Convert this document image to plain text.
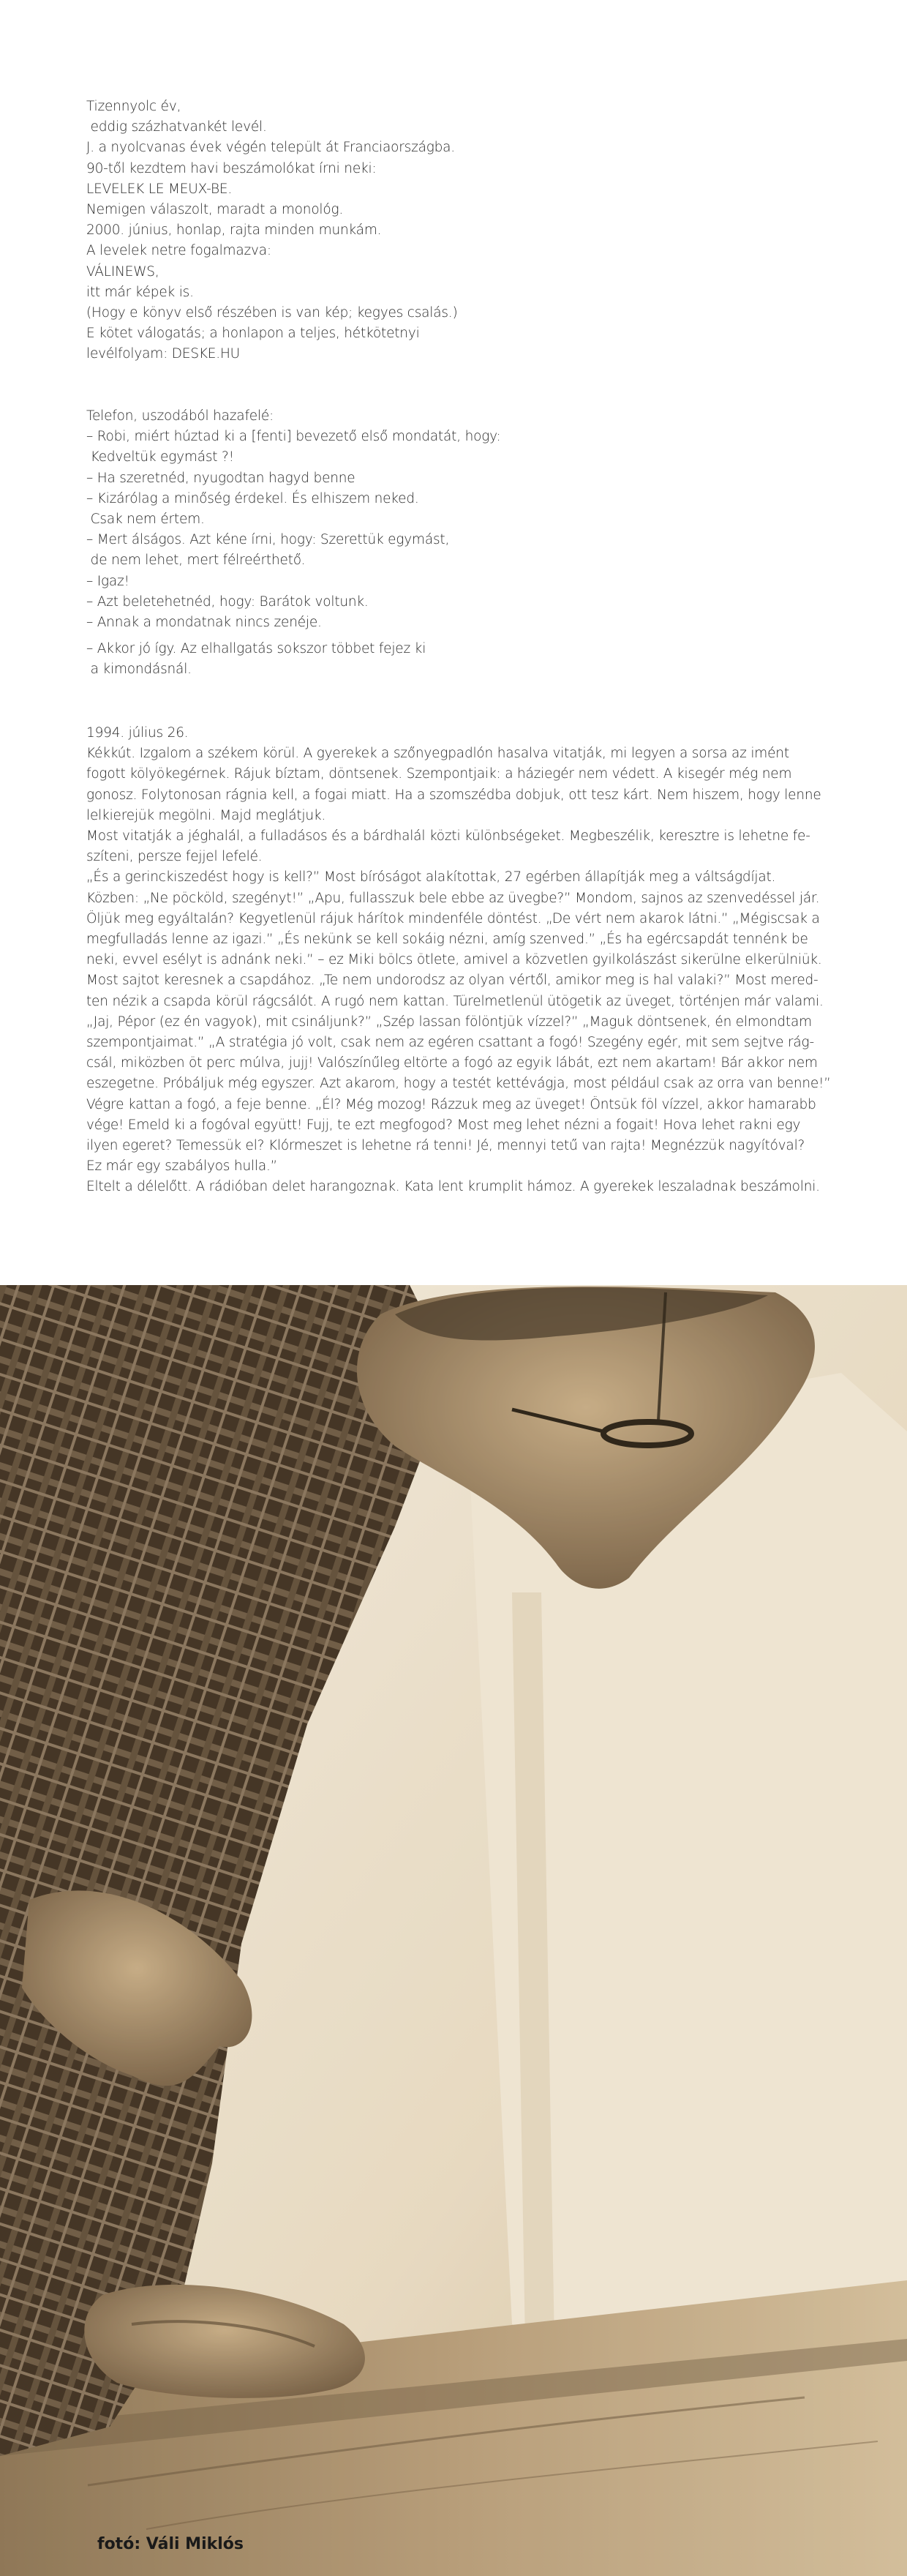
Tizennyolc év,
eddig százhatvankét levél.
J. a nyolcvanas évek végén települt át Franciaországba.
90-től kezdtem havi beszámolókat írni neki:
LEVELEK LE MEUX-BE.
Nemigen válaszolt, maradt a monológ.
2000. június, honlap, rajta minden munkám.
A levelek netre fogalmazva:
VÁLINEWS,
itt már képek is.
(Hogy e könyv első részében is van kép; kegyes csalás.)
E kötet válogatás; a honlapon a teljes, hétkötetnyi
levélfolyam: DESKE.HU
Telefon, uszodából hazafelé:
– Robi, miért húztad ki a [fenti] bevezető első mondatát, hogy:
Kedveltük egymást ?!
– Ha szeretnéd, nyugodtan hagyd benne
– Kizárólag a minőség érdekel. És elhiszem neked.
Csak nem értem.
– Mert álságos. Azt kéne írni, hogy: Szerettük egymást,
de nem lehet, mert félreérthető.
– Igaz!
– Azt beletehetnéd, hogy: Barátok voltunk.
– Annak a mondatnak nincs zenéje.
– Akkor jó így. Az elhallgatás sokszor többet fejez ki
a kimondásnál.
1994. július 26.
Kékkút. Izgalom a székem körül. A gyerekek a szőnyegpadlón hasalva vitatják, mi legyen a sorsa az imént
fogott kölyökegérnek. Rájuk bíztam, döntsenek. Szempontjaik: a háziegér nem védett. A kisegér még nem
gonosz. Folytonosan rágnia kell, a fogai miatt. Ha a szomszédba dobjuk, ott tesz kárt. Nem hiszem, hogy lenne
lelkierejük megölni. Majd meglátjuk.
Most vitatják a jéghalál, a fulladásos és a bárdhalál közti különbségeket. Megbeszélik, keresztre is lehetne fe-
szíteni, persze fejjel lefelé.
„És a gerinckiszedést hogy is kell?” Most bíróságot alakítottak, 27 egérben állapítják meg a váltságdíjat.
Közben: „Ne pöcköld, szegényt!” „Apu, fullasszuk bele ebbe az üvegbe?” Mondom, sajnos az szenvedéssel jár.
Öljük meg egyáltalán? Kegyetlenül rájuk hárítok mindenféle döntést. „De vért nem akarok látni.” „Mégiscsak a
megfulladás lenne az igazi.” „És nekünk se kell sokáig nézni, amíg szenved.” „És ha egércsapdát tennénk be
neki, evvel esélyt is adnánk neki.” – ez Miki bölcs ötlete, amivel a közvetlen gyilkolászást sikerülne elkerülniük.
Most sajtot keresnek a csapdához. „Te nem undorodsz az olyan vértől, amikor meg is hal valaki?” Most mered-
ten nézik a csapda körül rágcsálót. A rugó nem kattan. Türelmetlenül ütögetik az üveget, történjen már valami.
„Jaj, Pépor (ez én vagyok), mit csináljunk?” „Szép lassan fölöntjük vízzel?” „Maguk döntsenek, én elmondtam
szempontjaimat.” „A stratégia jó volt, csak nem az egéren csattant a fogó! Szegény egér, mit sem sejtve rág-
csál, miközben öt perc múlva, jujj! Valószínűleg eltörte a fogó az egyik lábát, ezt nem akartam! Bár akkor nem
eszegetne. Próbáljuk még egyszer. Azt akarom, hogy a testét kettévágja, most például csak az orra van benne!”
Végre kattan a fogó, a feje benne. „Él? Még mozog! Rázzuk meg az üveget! Öntsük föl vízzel, akkor hamarabb
vége! Emeld ki a fogóval együtt! Fujj, te ezt megfogod? Most meg lehet nézni a fogait! Hova lehet rakni egy
ilyen egeret? Temessük el? Klórmeszet is lehetne rá tenni! Jé, mennyi tetű van rajta! Megnézzük nagyítóval?
Ez már egy szabályos hulla.”
Eltelt a délelőtt. A rádióban delet harangoznak. Kata lent krumplit hámoz. A gyerekek leszaladnak beszámolni.
fotó: Váli Miklós
